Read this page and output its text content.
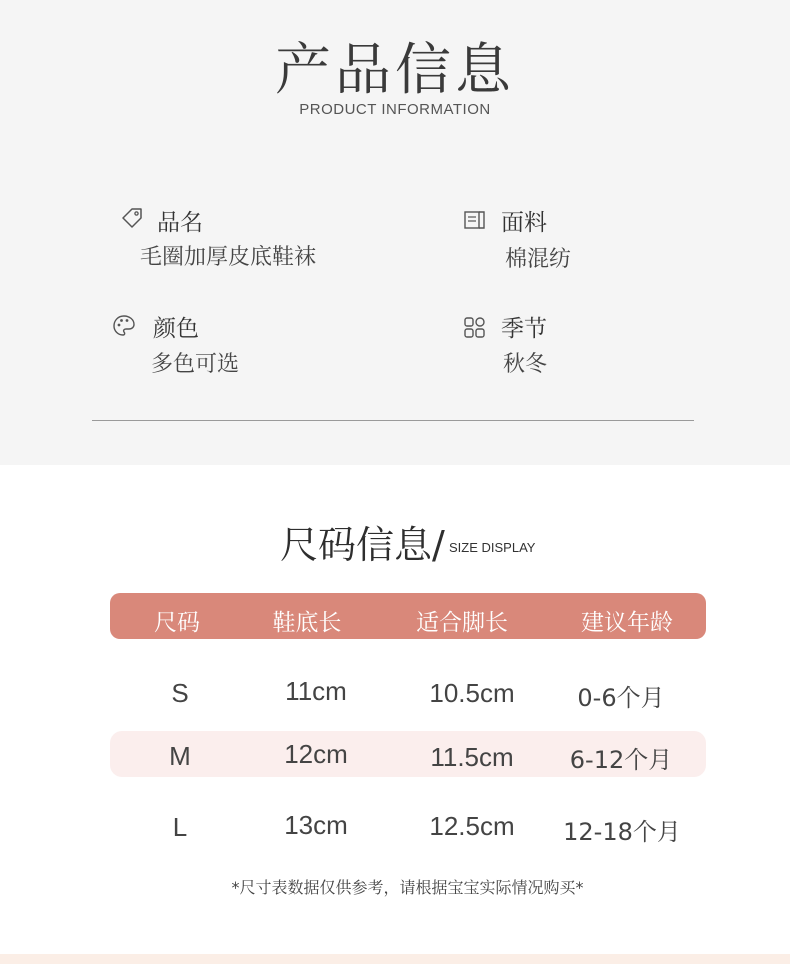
产品信息
PRODUCT INFORMATION
品名
毛圈加厚皮底鞋袜
面料
棉混纺
颜色
多色可选
季节
秋冬
尺码信息/ SIZE DISPLAY
尺码	鞋底长	适合脚长	建议年龄
S	11cm	10.5cm	0-6个月
M	12cm	11.5cm 6-12个月
L	13cm	12.5cm 12-18个月
*尺寸表数据仅供参考，请根据宝宝实际情况购买*
